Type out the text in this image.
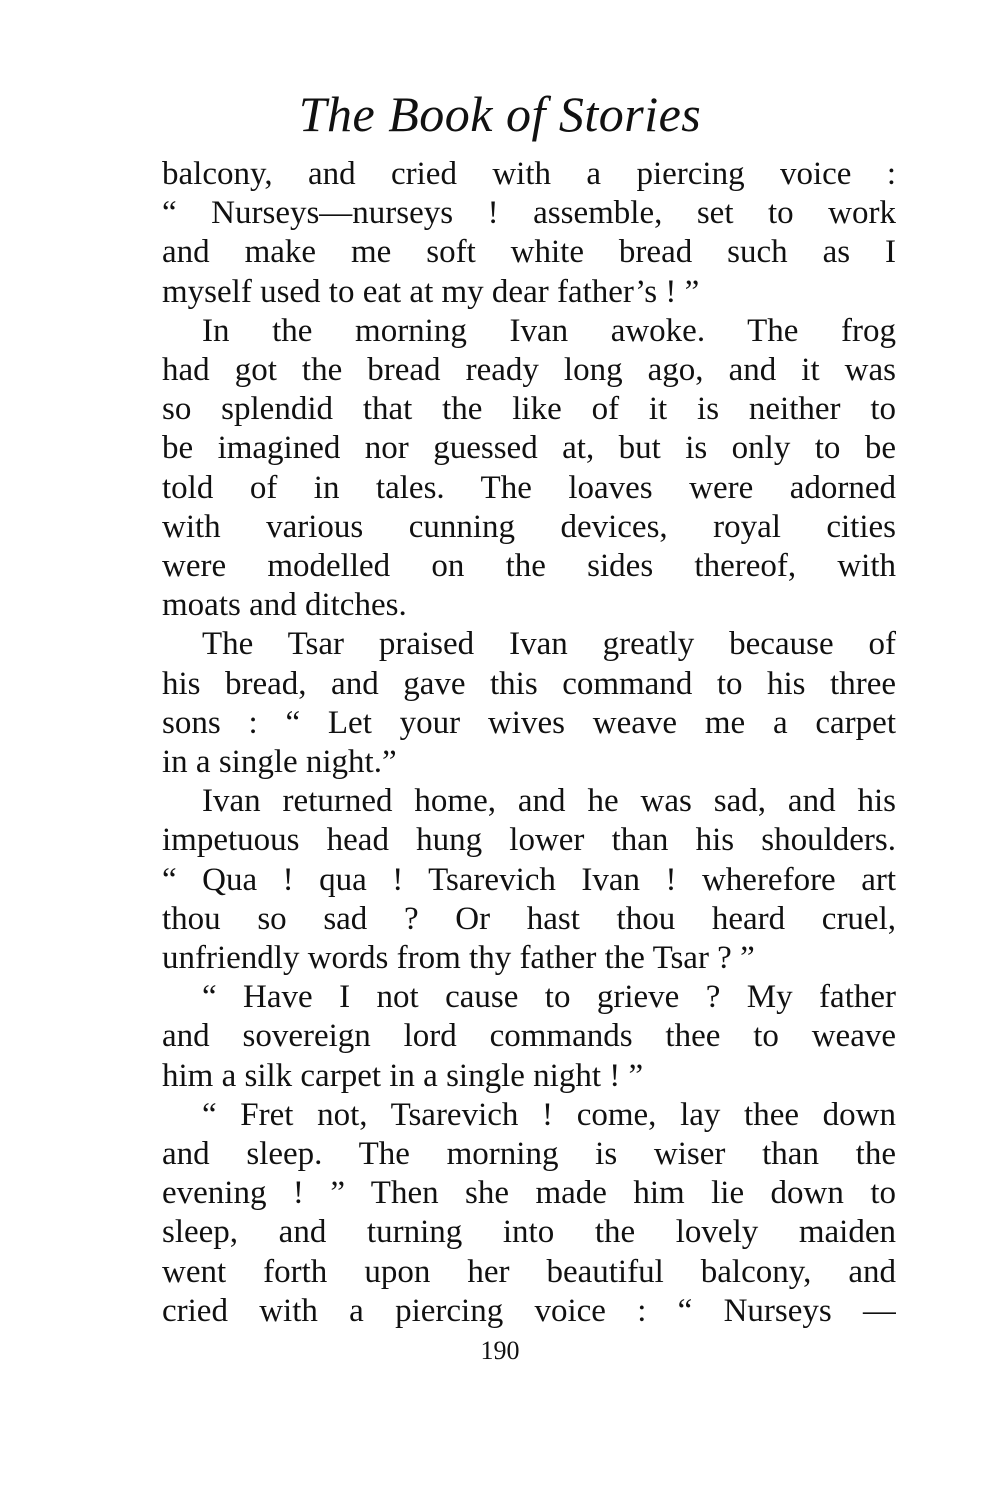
The Book of Stories
balcony, and cried with a piercing voice :
“ Nurseys—nurseys ! assemble, set to work
and make me soft white bread such as I
myself used to eat at my dear father’s ! ”
In the morning Ivan awoke. The frog
had got the bread ready long ago, and it was
so splendid that the like of it is neither to
be imagined nor guessed at, but is only to be
told of in tales. The loaves were adorned
with various cunning devices, royal cities
were modelled on the sides thereof, with
moats and ditches.
The Tsar praised Ivan greatly because of
his bread, and gave this command to his three
sons : “ Let your wives weave me a carpet
in a single night.”
Ivan returned home, and he was sad, and his
impetuous head hung lower than his shoulders.
“ Qua ! qua ! Tsarevich Ivan ! wherefore art
thou so sad ? Or hast thou heard cruel,
unfriendly words from thy father the Tsar ? ”
“ Have I not cause to grieve ? My father
and sovereign lord commands thee to weave
him a silk carpet in a single night ! ”
“ Fret not, Tsarevich ! come, lay thee down
and sleep. The morning is wiser than the
evening ! ” Then she made him lie down to
sleep, and turning into the lovely maiden
went forth upon her beautiful balcony, and
cried with a piercing voice : “ Nurseys —
190
